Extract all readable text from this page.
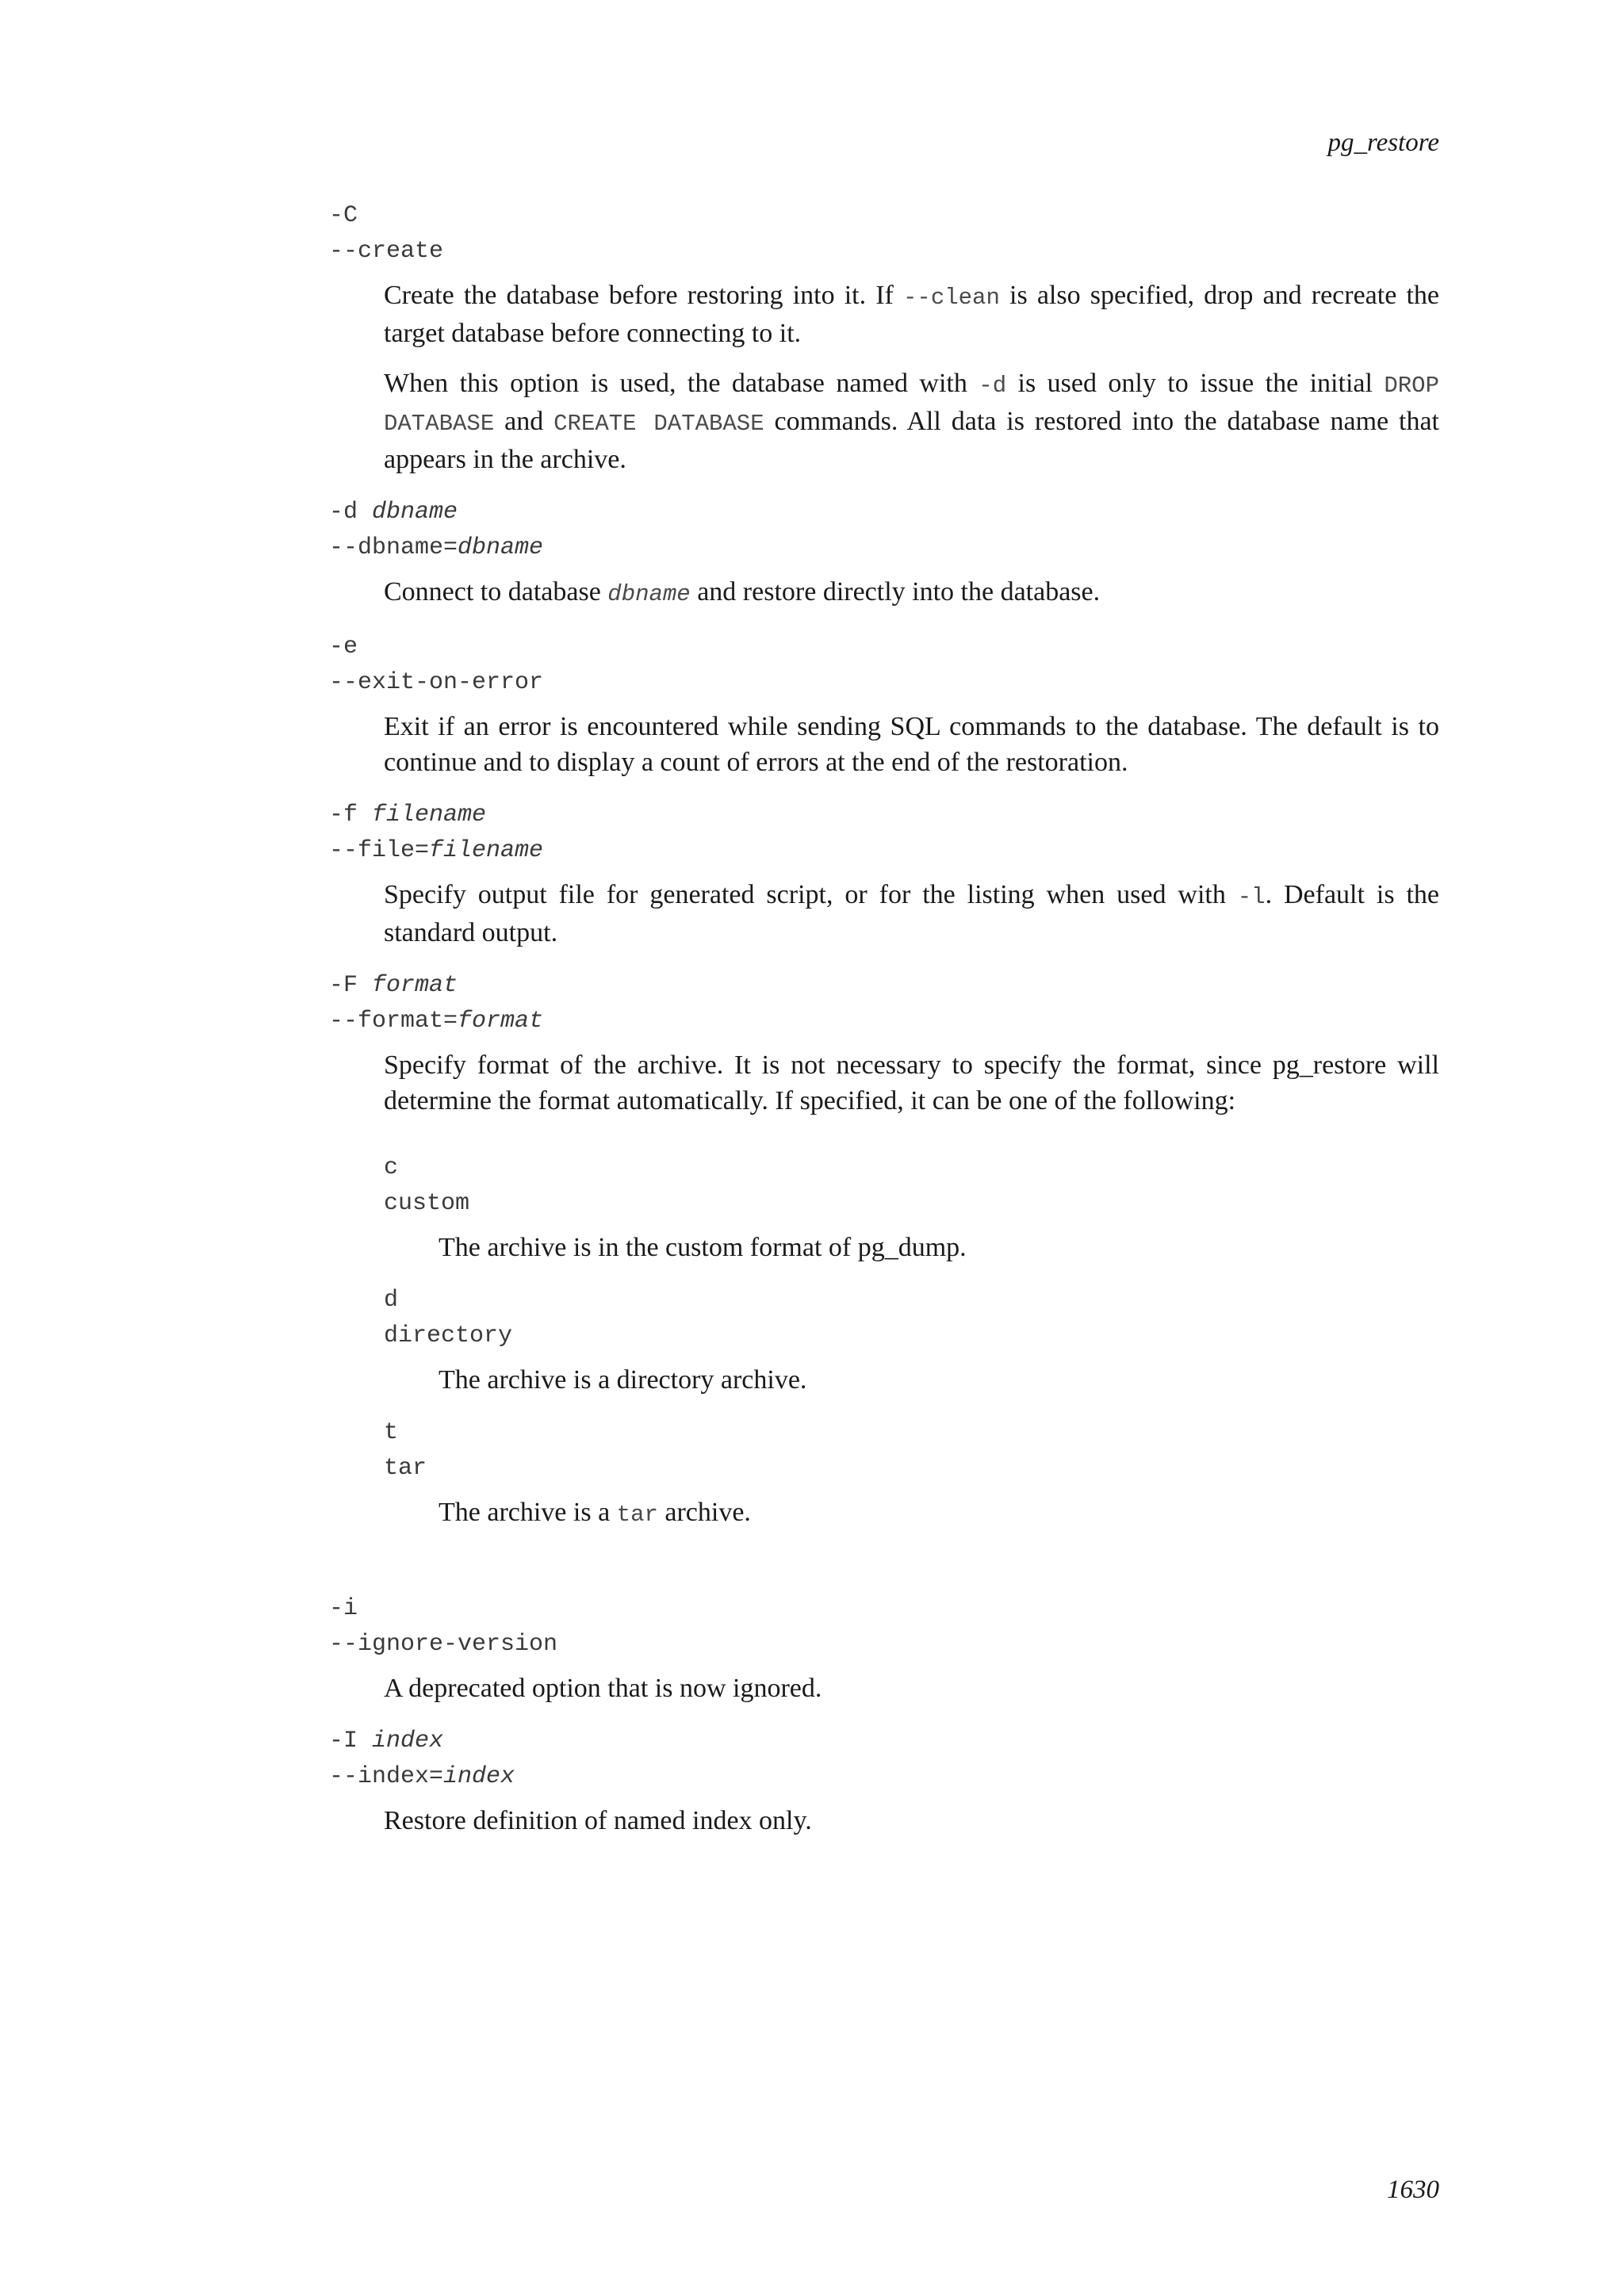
pg_restore
-C
--create

Create the database before restoring into it. If --clean is also specified, drop and recreate the target database before connecting to it.

When this option is used, the database named with -d is used only to issue the initial DROP DATABASE and CREATE DATABASE commands. All data is restored into the database name that appears in the archive.

-d dbname
--dbname=dbname

Connect to database dbname and restore directly into the database.

-e
--exit-on-error

Exit if an error is encountered while sending SQL commands to the database. The default is to continue and to display a count of errors at the end of the restoration.

-f filename
--file=filename

Specify output file for generated script, or for the listing when used with -l. Default is the standard output.

-F format
--format=format

Specify format of the archive. It is not necessary to specify the format, since pg_restore will determine the format automatically. If specified, it can be one of the following:

c
custom

The archive is in the custom format of pg_dump.

d
directory

The archive is a directory archive.

t
tar

The archive is a tar archive.

-i
--ignore-version

A deprecated option that is now ignored.

-I index
--index=index

Restore definition of named index only.

1630
